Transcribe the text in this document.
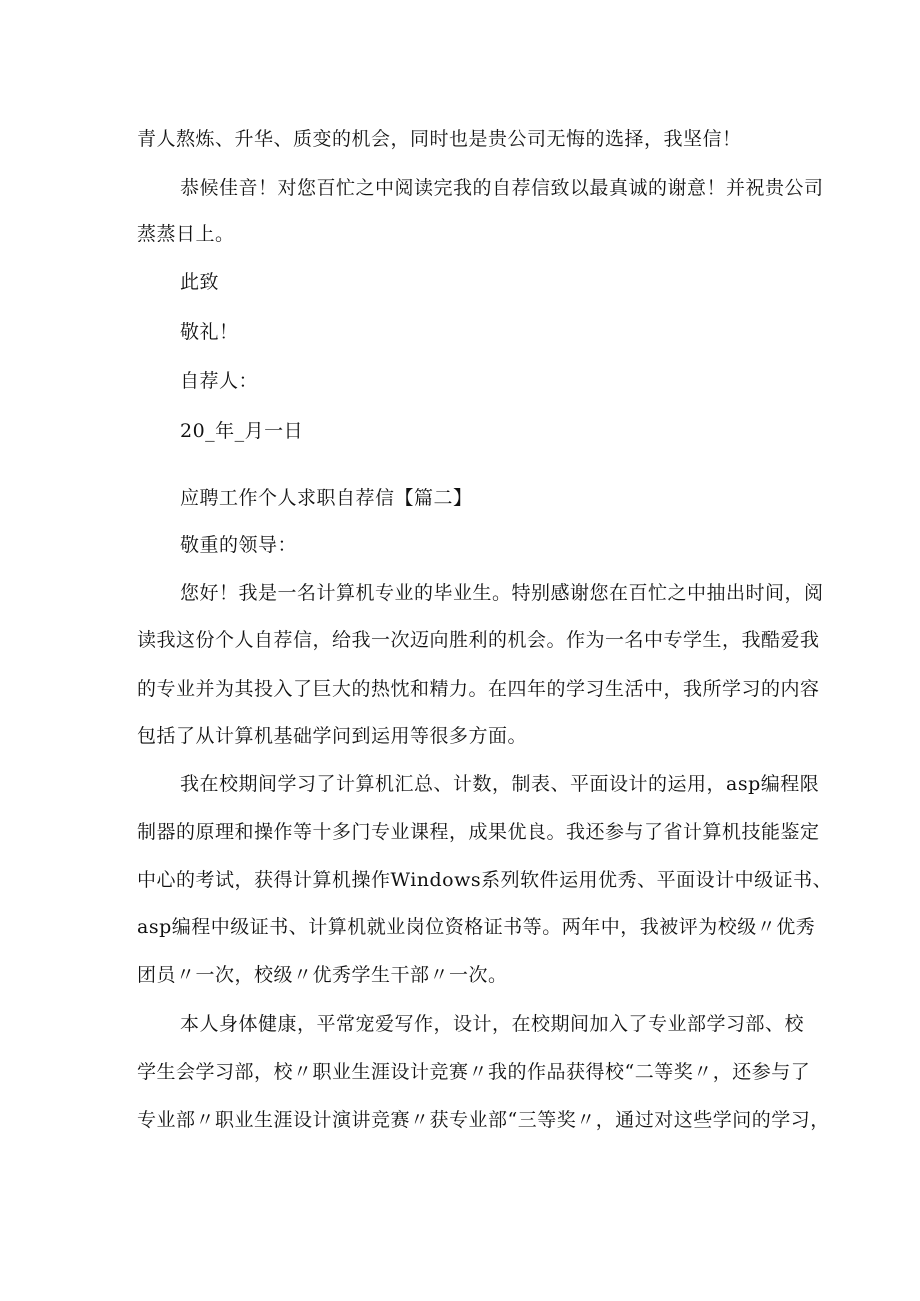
青人熬炼、升华、质变的机会，同时也是贵公司无悔的选择，我坚信！
恭候佳音！对您百忙之中阅读完我的自荐信致以最真诚的谢意！并祝贵公司
蒸蒸日上。
此致
敬礼！
自荐人：
20_年_月一日
应聘工作个人求职自荐信【篇二】
敬重的领导：
您好！我是一名计算机专业的毕业生。特别感谢您在百忙之中抽出时间，阅
读我这份个人自荐信，给我一次迈向胜利的机会。作为一名中专学生，我酷爱我
的专业并为其投入了巨大的热忱和精力。在四年的学习生活中，我所学习的内容
包括了从计算机基础学问到运用等很多方面。
我在校期间学习了计算机汇总、计数，制表、平面设计的运用，asp编程限
制器的原理和操作等十多门专业课程，成果优良。我还参与了省计算机技能鉴定
中心的考试，获得计算机操作Windows系列软件运用优秀、平面设计中级证书、
asp编程中级证书、计算机就业岗位资格证书等。两年中，我被评为校级〃优秀
团员〃一次，校级〃优秀学生干部〃一次。
本人身体健康，平常宠爱写作，设计，在校期间加入了专业部学习部、校
学生会学习部，校〃职业生涯设计竞赛〃我的作品获得校“二等奖〃，还参与了
专业部〃职业生涯设计演讲竞赛〃获专业部“三等奖〃，通过对这些学问的学习，
